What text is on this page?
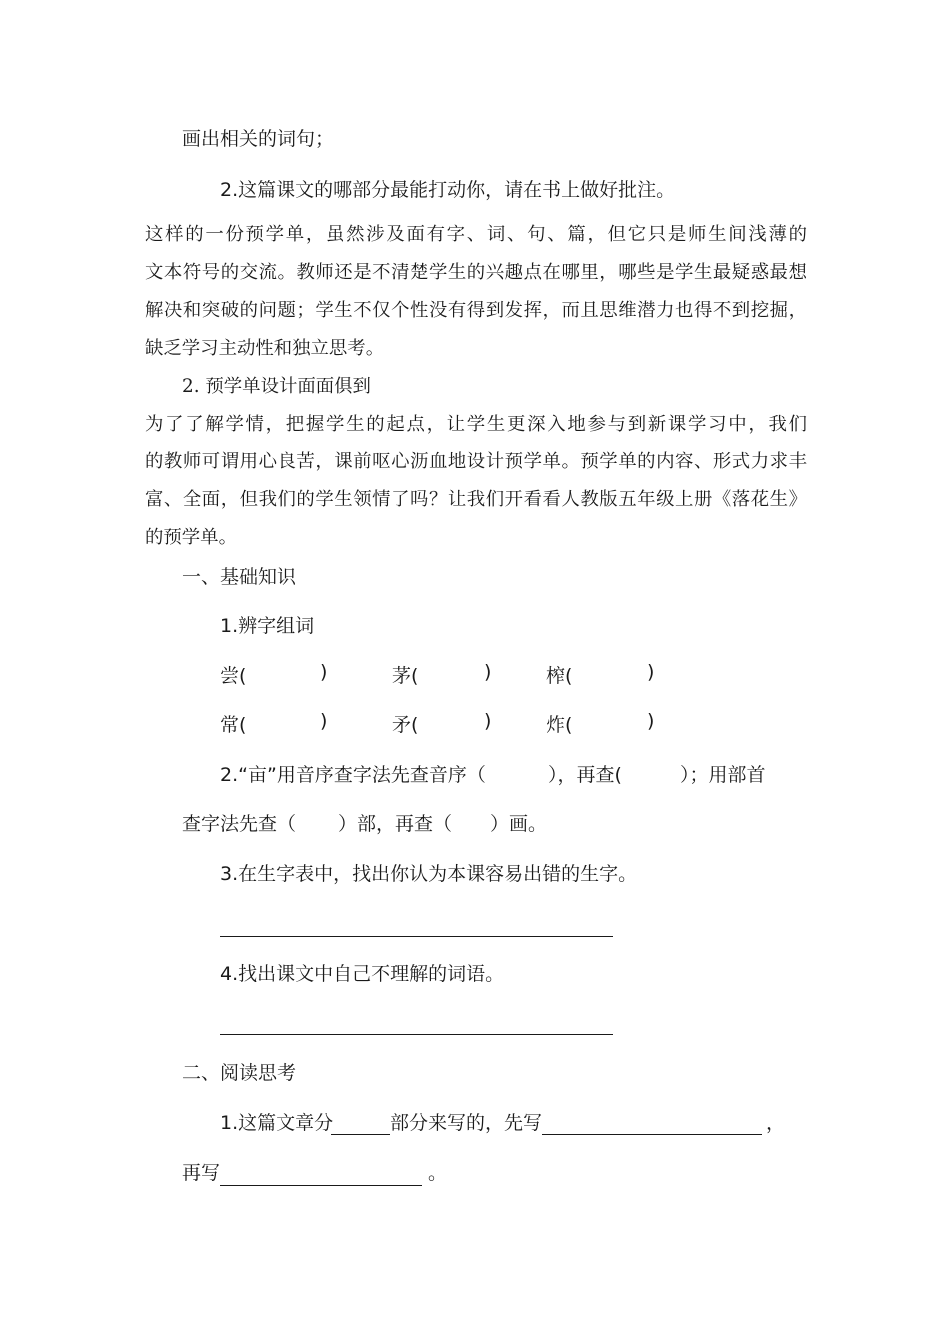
画出相关的词句；
2.这篇课文的哪部分最能打动你，请在书上做好批注。
这样的一份预学单，虽然涉及面有字、词、句、篇，但它只是师生间浅薄的
文本符号的交流。教师还是不清楚学生的兴趣点在哪里，哪些是学生最疑惑最想
解决和突破的问题；学生不仅个性没有得到发挥，而且思维潜力也得不到挖掘，
缺乏学习主动性和独立思考。
2. 预学单设计面面俱到
为了了解学情，把握学生的起点，让学生更深入地参与到新课学习中，我们
的教师可谓用心良苦，课前呕心沥血地设计预学单。预学单的内容、形式力求丰
富、全面，但我们的学生领情了吗？让我们开看看人教版五年级上册《落花生》
的预学单。
一、基础知识
1.辨字组词
尝(	)	茅(	)	榨(	)
常(	)	矛(	)	炸(	)
2.“亩”用音序查字法先查音序（	），再查(	）；用部首
查字法先查（ ）部，再查（ ）画。
3.在生字表中，找出你认为本课容易出错的生字。
4.找出课文中自己不理解的词语。
二、阅读思考
1.这篇文章分	部分来写的，先写	，
再写	。
